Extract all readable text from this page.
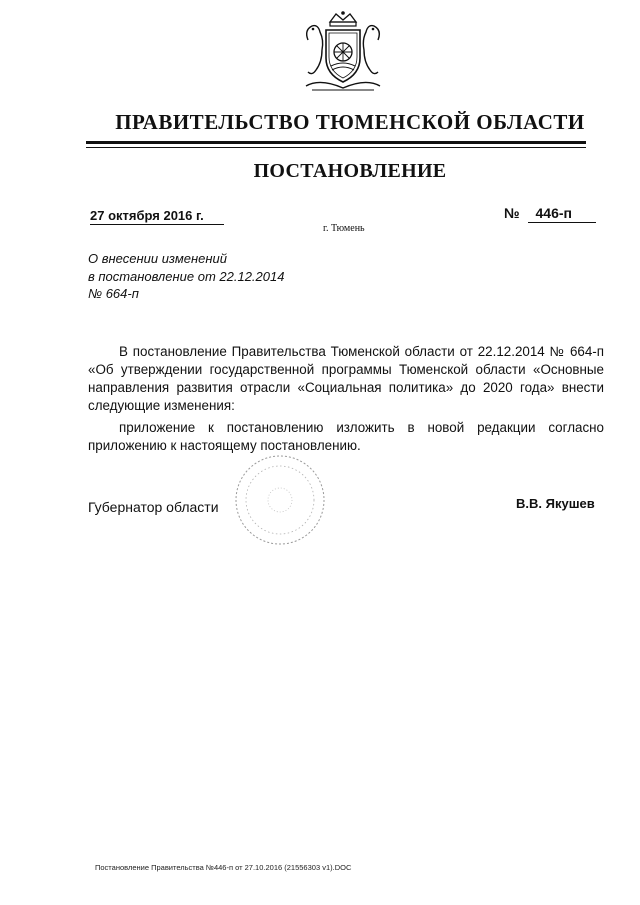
ПРАВИТЕЛЬСТВО ТЮМЕНСКОЙ ОБЛАСТИ
ПОСТАНОВЛЕНИЕ
27 октября 2016 г.	№ 446-п
г. Тюмень
О внесении изменений
в постановление от 22.12.2014
№ 664-п

В постановление Правительства Тюменской области от 22.12.2014 № 664-п «Об утверждении государственной программы Тюменской области «Основные направления развития отрасли «Социальная политика» до 2020 года» внести следующие изменения:

приложение к постановлению изложить в новой редакции согласно приложению к настоящему постановлению.

Губернатор области	В.В. Якушев
Постановление Правительства №446-п от 27.10.2016 (21556303 v1).DOC
